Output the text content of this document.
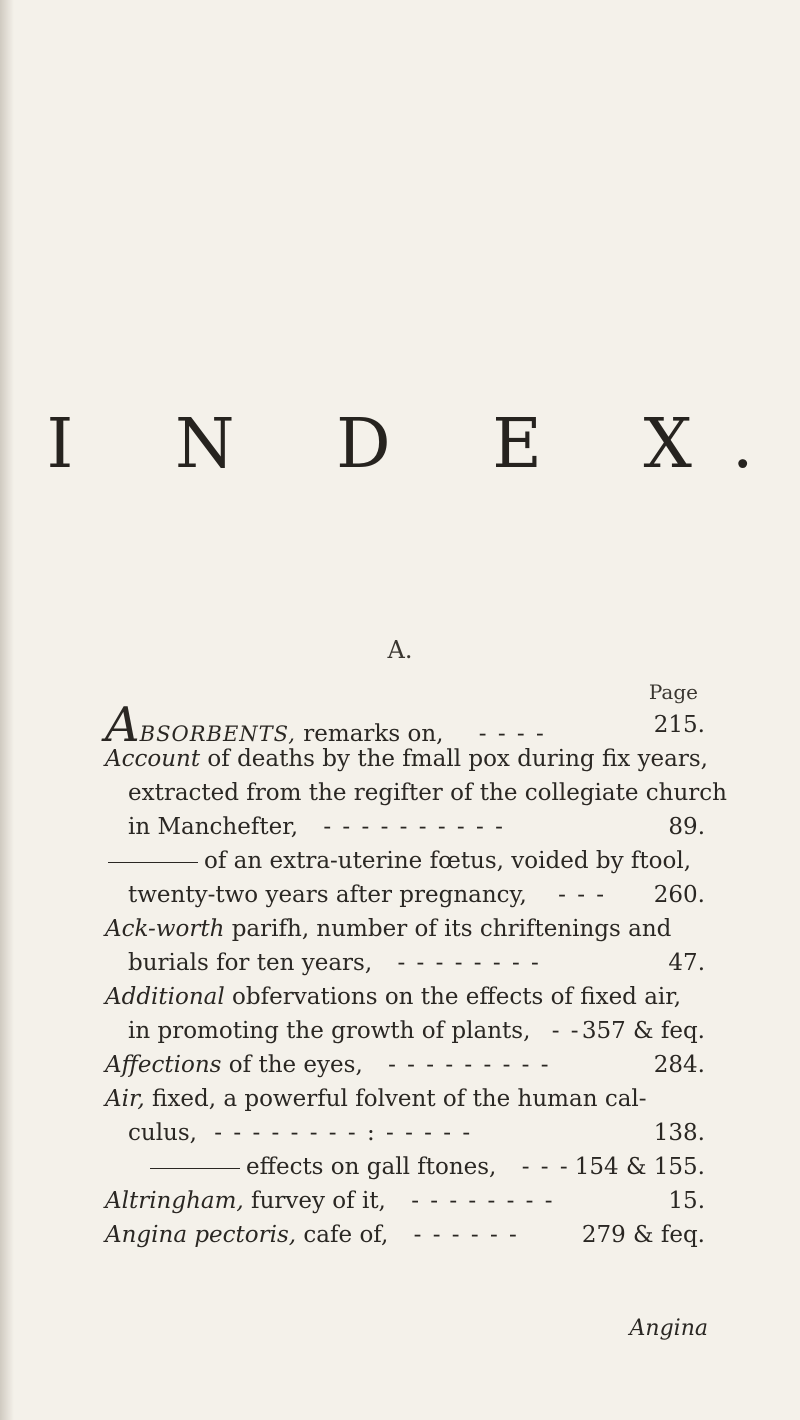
I N D E X.
A.
Page
ABSORBENTS, remarks on, - - - -	215.
Account of deaths by the fmall pox during fix years,
extracted from the regifter of the collegiate church
in Manchefter, - - - - - - - - - -	89.
of an extra-uterine fœtus, voided by ftool,
twenty-two years after pregnancy, - - - 260.
Ack-worth parifh, number of its chriftenings and
burials for ten years, - - - - - - - -	47.
Additional obfervations on the effects of fixed air,
in promoting the growth of plants, - - 357 & feq.
Affections of the eyes, - - - - - - - - -	284.
Air, fixed, a powerful folvent of the human cal-
culus, - - - - - - - - : - - - - -	138.
effects on gall ftones, - - - 154 & 155.
Altringham, furvey of it, - - - - - - - -	15.
Angina pectoris, cafe of, - - - - - -	279 & feq.
Angina
